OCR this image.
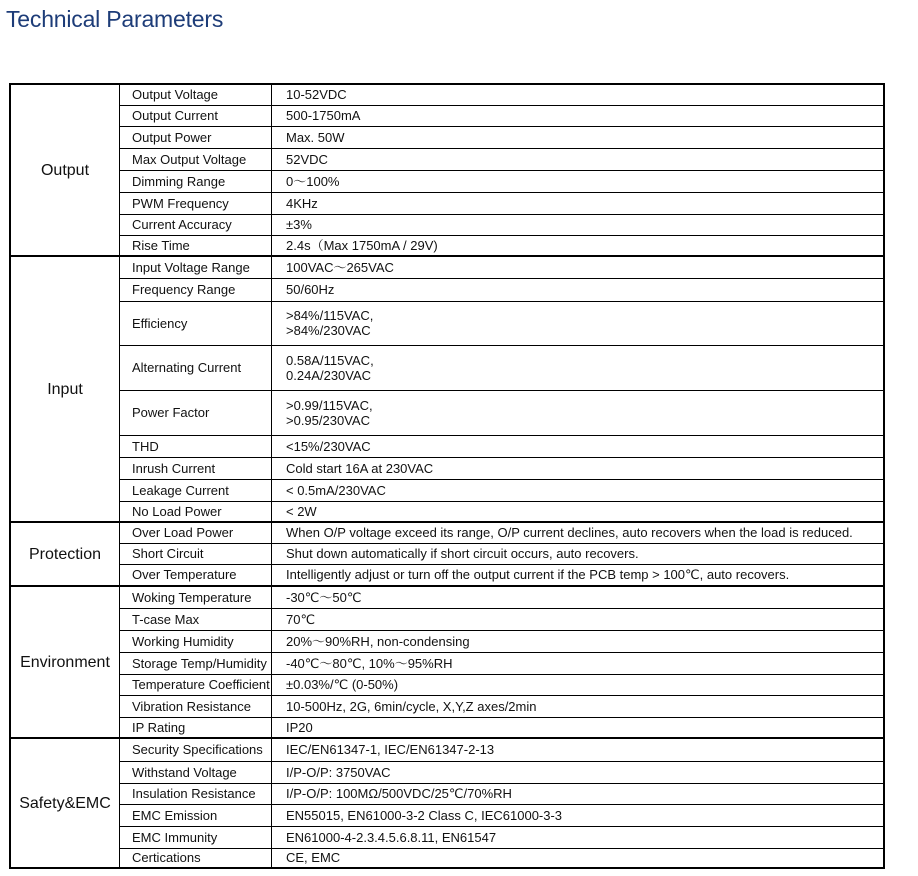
Technical Parameters
Output	Output Voltage	10-52VDC
	Output Current	500-1750mA
	Output Power	Max. 50W
	Max Output Voltage	52VDC
	Dimming Range	0～100%
	PWM Frequency	4KHz
	Current Accuracy	±3%
	Rise Time	2.4s（Max 1750mA / 29V)
Input	Input Voltage Range	100VAC～265VAC
	Frequency Range	50/60Hz
	Efficiency	>84%/115VAC,
>84%/230VAC
	Alternating Current	0.58A/115VAC,
0.24A/230VAC
	Power Factor	>0.99/115VAC,
>0.95/230VAC
	THD	<15%/230VAC
	Inrush Current	Cold start 16A at 230VAC
	Leakage Current	< 0.5mA/230VAC
	No Load Power	< 2W
Protection	Over Load Power	When O/P voltage exceed its range, O/P current declines, auto recovers when the load is reduced.
	Short Circuit	Shut down automatically if short circuit occurs, auto recovers.
	Over Temperature	Intelligently adjust or turn off the output current if the PCB temp > 100℃, auto recovers.
Environment	Woking Temperature	-30℃～50℃
	T-case Max	70℃
	Working Humidity	20%～90%RH, non-condensing
	Storage Temp/Humidity	-40℃～80℃, 10%～95%RH
	Temperature Coefficient	±0.03%/℃ (0-50%)
	Vibration Resistance	10-500Hz, 2G, 6min/cycle, X,Y,Z axes/2min
	IP Rating	IP20
Safety&EMC	Security Specifications	IEC/EN61347-1, IEC/EN61347-2-13
	Withstand Voltage	I/P-O/P: 3750VAC
	Insulation Resistance	I/P-O/P: 100MΩ/500VDC/25℃/70%RH
	EMC Emission	EN55015, EN61000-3-2 Class C, IEC61000-3-3
	EMC Immunity	EN61000-4-2.3.4.5.6.8.11, EN61547
	Certications	CE, EMC
